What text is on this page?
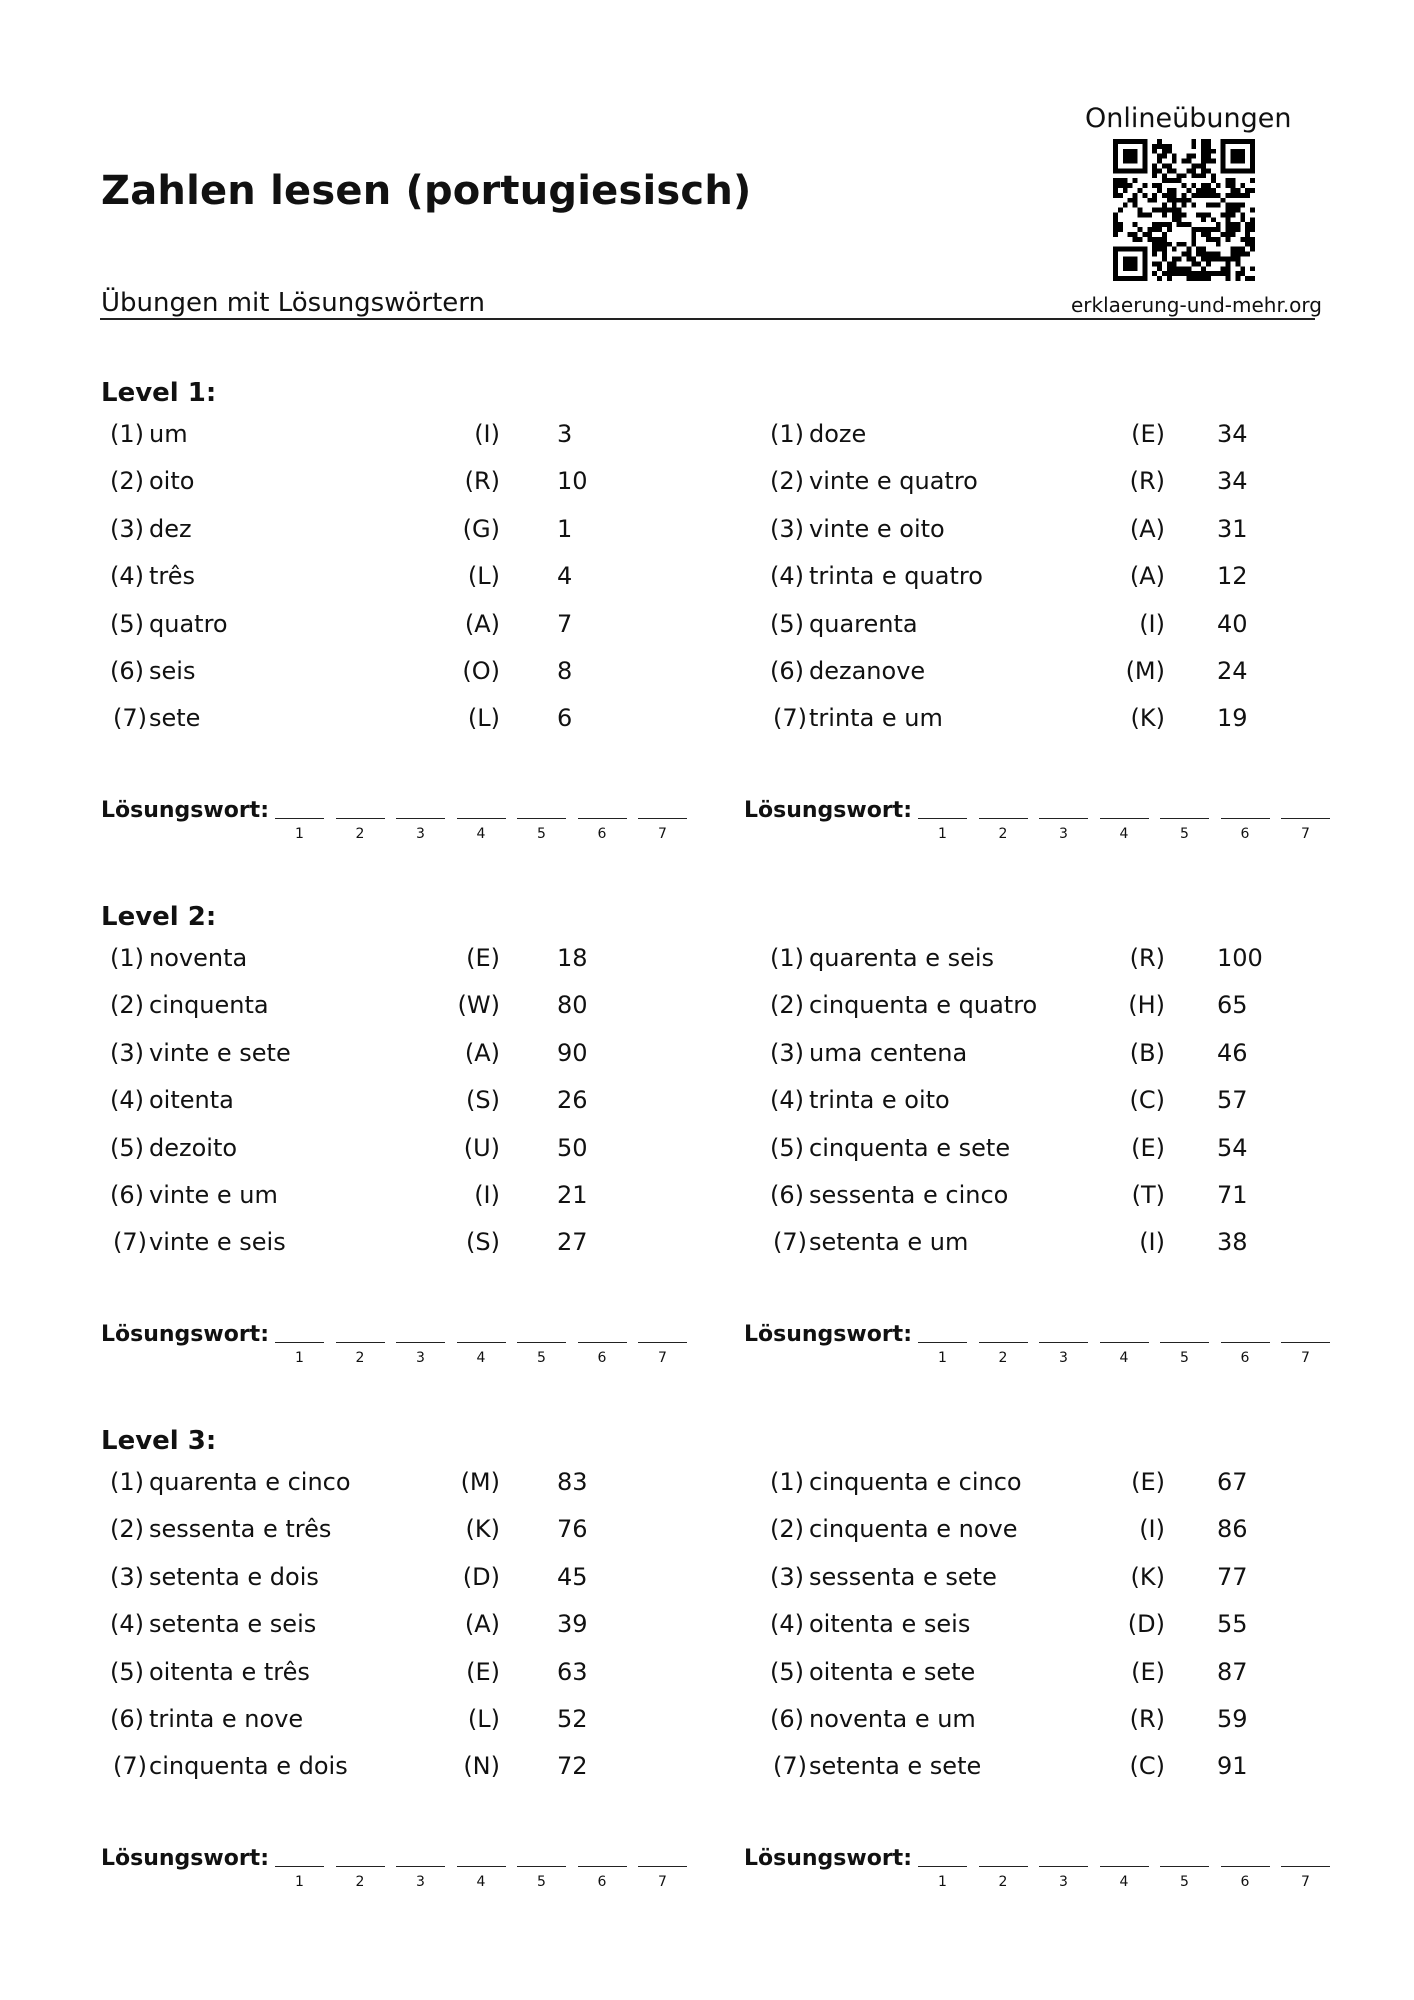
Zahlen lesen (portugiesisch)
Übungen mit Lösungswörtern
Onlineübungen
erklaerung-und-mehr.org
Level 1:
(1) um	(I) 3
(2) oito	(R) 10
(3) dez	(G) 1
(4) três	(L) 4
(5) quatro	(A) 7
(6) seis	(O) 8
(7) sete	(L) 6
Lösungswort:
1	2	3	4	5	6	7
(1) doze	(E) 34
(2) vinte e quatro	(R) 34
(3) vinte e oito	(A) 31
(4) trinta e quatro	(A) 12
(5) quarenta	(I) 40
(6) dezanove	(M) 24
(7) trinta e um	(K) 19
Lösungswort:
1	2	3	4	5	6	7
Level 2:
(1) noventa	(E) 18
(2) cinquenta	(W) 80
(3) vinte e sete	(A) 90
(4) oitenta	(S) 26
(5) dezoito	(U) 50
(6) vinte e um	(I) 21
(7) vinte e seis	(S) 27
Lösungswort:
1	2	3	4	5	6	7
(1) quarenta e seis	(R) 100
(2) cinquenta e quatro	(H) 65
(3) uma centena	(B) 46
(4) trinta e oito	(C) 57
(5) cinquenta e sete	(E) 54
(6) sessenta e cinco	(T) 71
(7) setenta e um	(I) 38
Lösungswort:
1	2	3	4	5	6	7
Level 3:
(1) quarenta e cinco	(M) 83
(2) sessenta e três	(K) 76
(3) setenta e dois	(D) 45
(4) setenta e seis	(A) 39
(5) oitenta e três	(E) 63
(6) trinta e nove	(L) 52
(7) cinquenta e dois	(N) 72
Lösungswort:
1	2	3	4	5	6	7
(1) cinquenta e cinco	(E) 67
(2) cinquenta e nove	(I) 86
(3) sessenta e sete	(K) 77
(4) oitenta e seis	(D) 55
(5) oitenta e sete	(E) 87
(6) noventa e um	(R) 59
(7) setenta e sete	(C) 91
Lösungswort:
1	2	3	4	5	6	7
